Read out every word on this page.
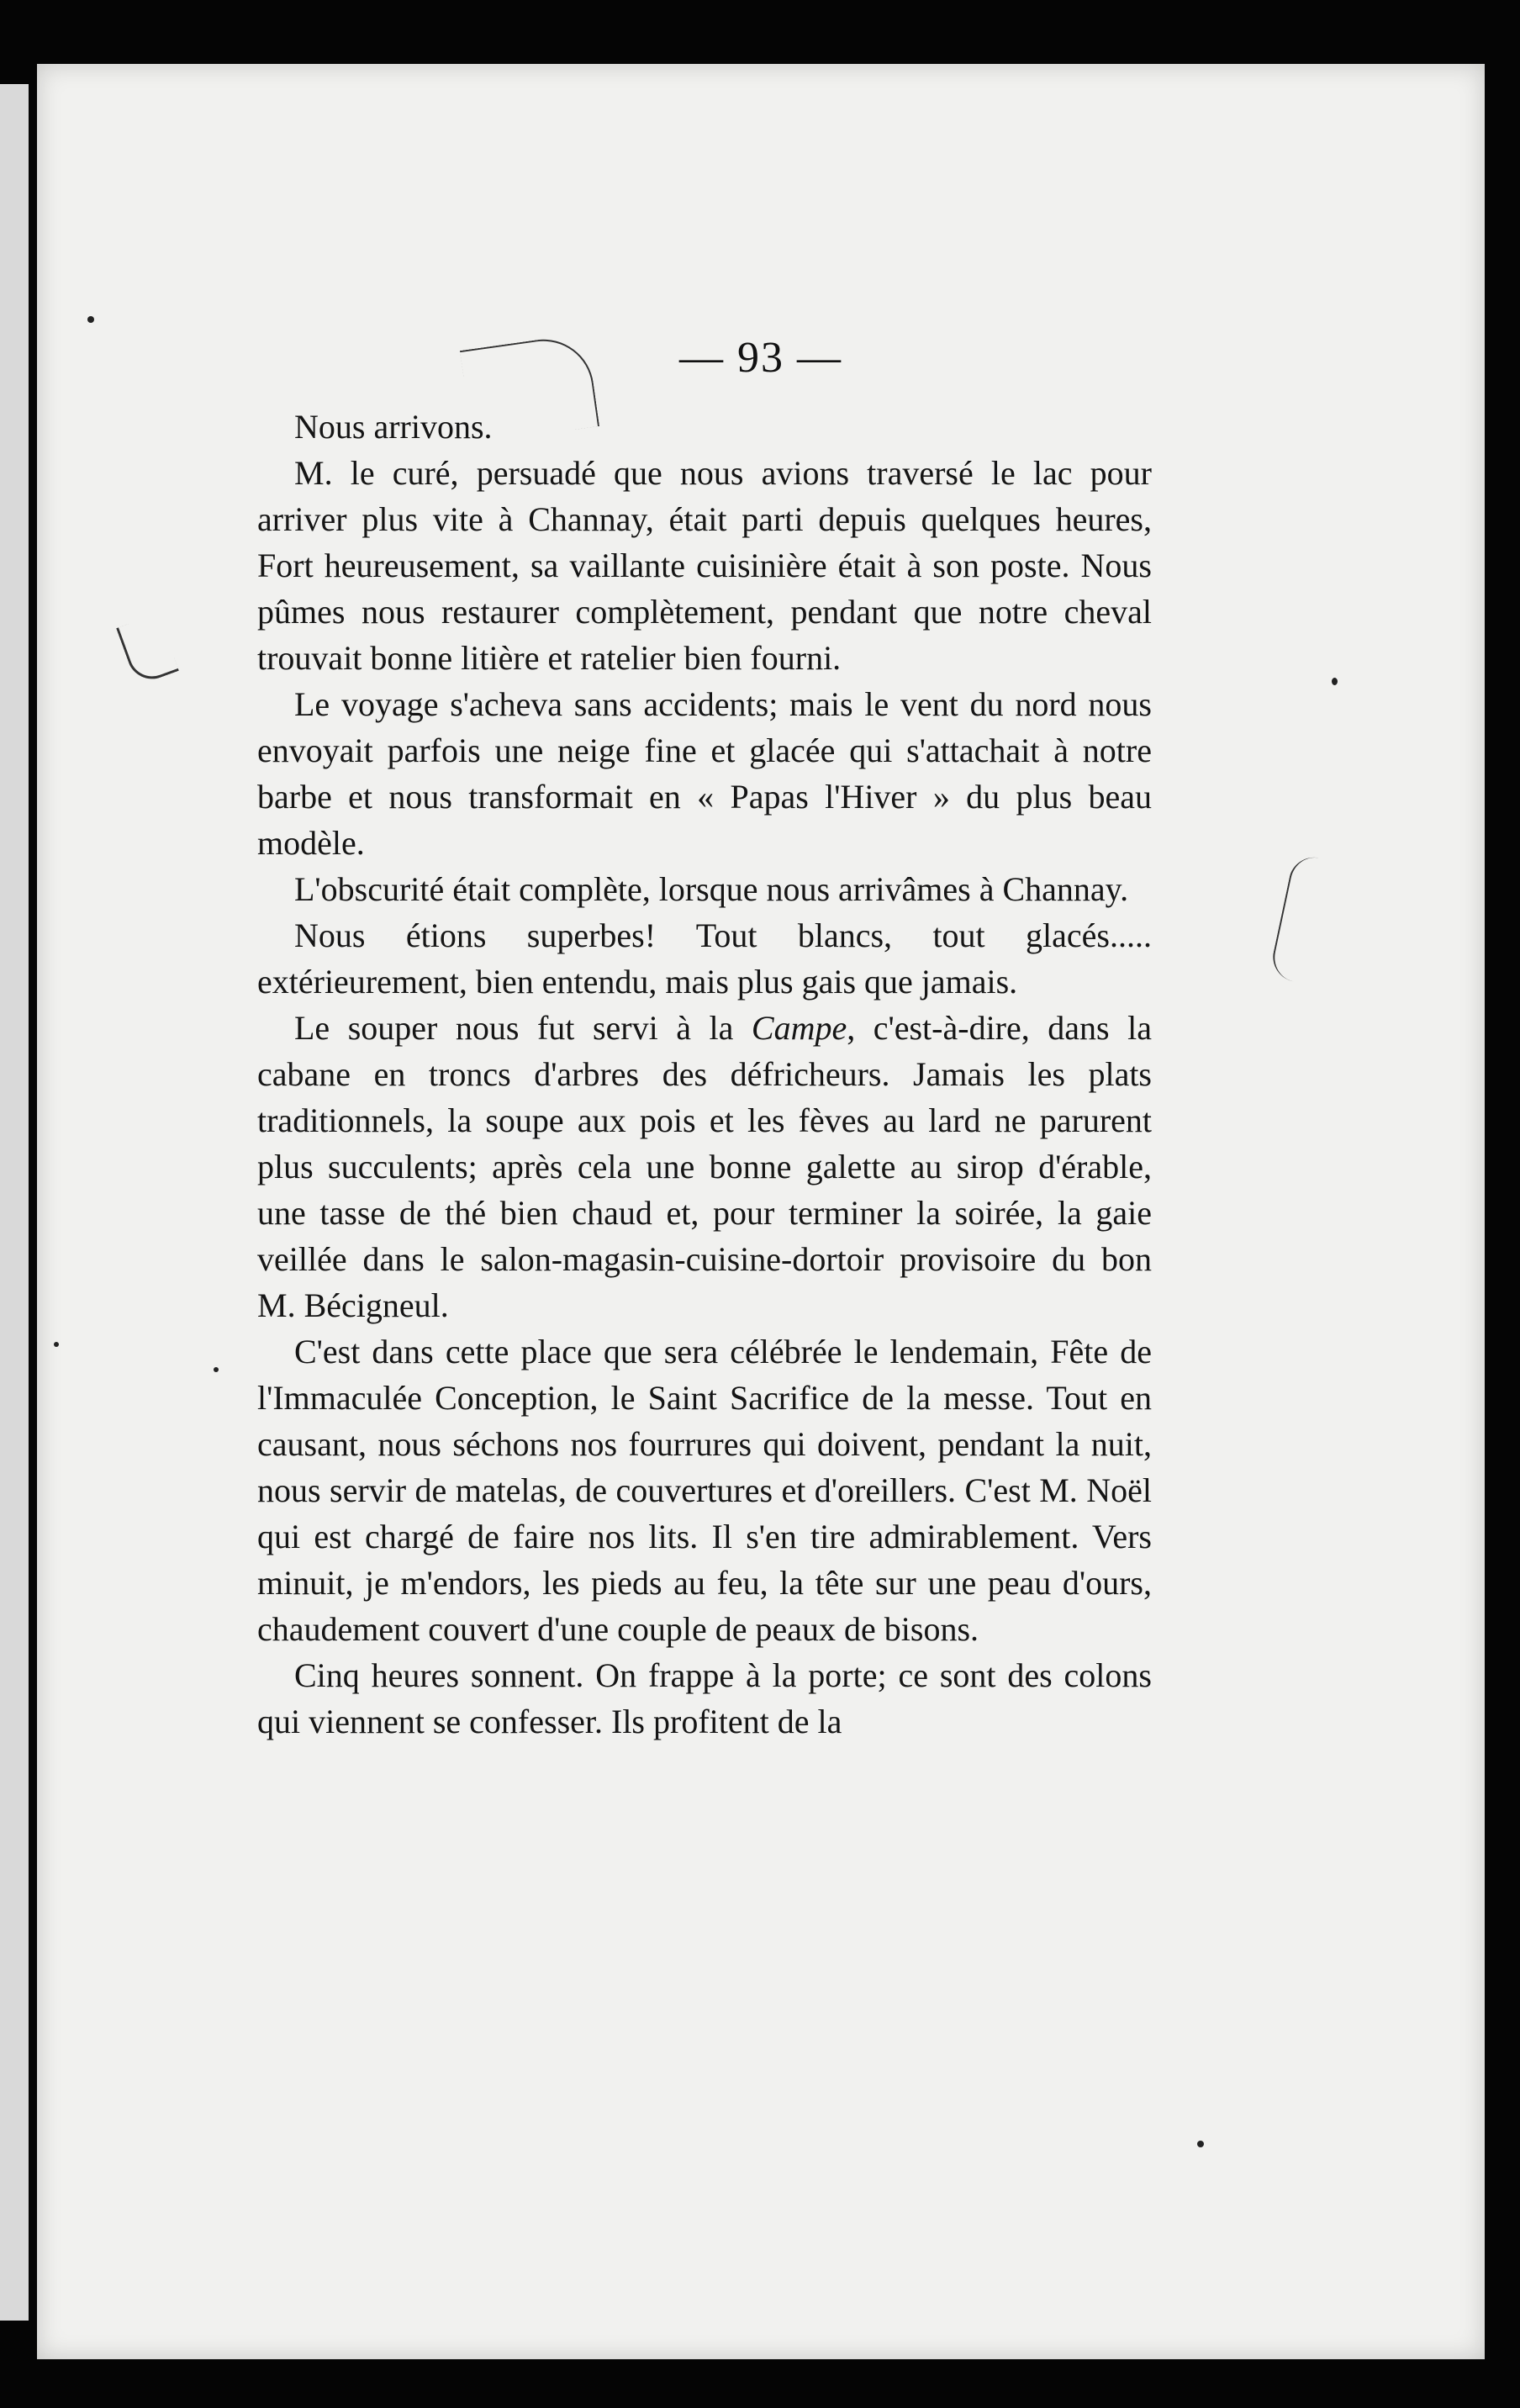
— 93 —

Nous arrivons.

M. le curé, persuadé que nous avions traversé le lac pour arriver plus vite à Channay, était parti depuis quelques heures, Fort heureusement, sa vaillante cuisinière était à son poste. Nous pûmes nous restaurer complètement, pendant que notre cheval trouvait bonne litière et ratelier bien fourni.

Le voyage s'acheva sans accidents; mais le vent du nord nous envoyait parfois une neige fine et glacée qui s'attachait à notre barbe et nous transformait en « Papas l'Hiver » du plus beau modèle.

L'obscurité était complète, lorsque nous arrivâmes à Channay.

Nous étions superbes! Tout blancs, tout glacés..... extérieurement, bien entendu, mais plus gais que jamais.

Le souper nous fut servi à la Campe, c'est-à-dire, dans la cabane en troncs d'arbres des défricheurs. Jamais les plats traditionnels, la soupe aux pois et les fèves au lard ne parurent plus succulents; après cela une bonne galette au sirop d'érable, une tasse de thé bien chaud et, pour terminer la soirée, la gaie veillée dans le salon-magasin-cuisine-dortoir provisoire du bon M. Bécigneul.

C'est dans cette place que sera célébrée le lendemain, Fête de l'Immaculée Conception, le Saint Sacrifice de la messe. Tout en causant, nous séchons nos fourrures qui doivent, pendant la nuit, nous servir de matelas, de couvertures et d'oreillers. C'est M. Noël qui est chargé de faire nos lits. Il s'en tire admirablement. Vers minuit, je m'endors, les pieds au feu, la tête sur une peau d'ours, chaudement couvert d'une couple de peaux de bisons.

Cinq heures sonnent. On frappe à la porte; ce sont des colons qui viennent se confesser. Ils profitent de la
